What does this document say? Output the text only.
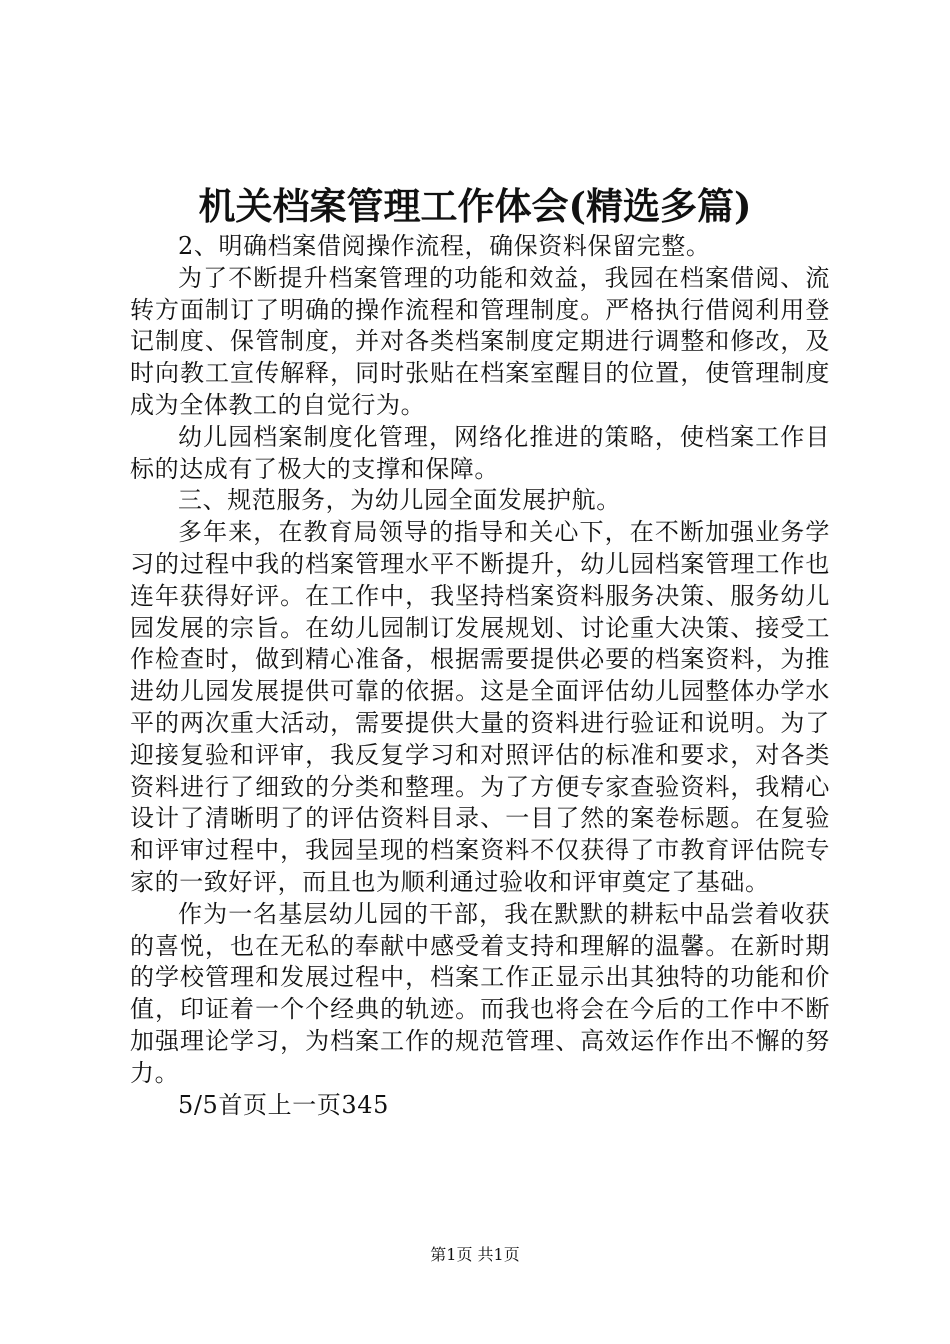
机关档案管理工作体会(精选多篇)

2、明确档案借阅操作流程，确保资料保留完整。

为了不断提升档案管理的功能和效益，我园在档案借阅、流转方面制订了明确的操作流程和管理制度。严格执行借阅利用登记制度、保管制度，并对各类档案制度定期进行调整和修改，及时向教工宣传解释，同时张贴在档案室醒目的位置，使管理制度成为全体教工的自觉行为。

幼儿园档案制度化管理，网络化推进的策略，使档案工作目标的达成有了极大的支撑和保障。

三、规范服务，为幼儿园全面发展护航。

多年来，在教育局领导的指导和关心下，在不断加强业务学习的过程中我的档案管理水平不断提升，幼儿园档案管理工作也连年获得好评。在工作中，我坚持档案资料服务决策、服务幼儿园发展的宗旨。在幼儿园制订发展规划、讨论重大决策、接受工作检查时，做到精心准备，根据需要提供必要的档案资料，为推进幼儿园发展提供可靠的依据。这是全面评估幼儿园整体办学水平的两次重大活动，需要提供大量的资料进行验证和说明。为了迎接复验和评审，我反复学习和对照评估的标准和要求，对各类资料进行了细致的分类和整理。为了方便专家查验资料，我精心设计了清晰明了的评估资料目录、一目了然的案卷标题。在复验和评审过程中，我园呈现的档案资料不仅获得了市教育评估院专家的一致好评，而且也为顺利通过验收和评审奠定了基础。

作为一名基层幼儿园的干部，我在默默的耕耘中品尝着收获的喜悦，也在无私的奉献中感受着支持和理解的温馨。在新时期的学校管理和发展过程中，档案工作正显示出其独特的功能和价值，印证着一个个经典的轨迹。而我也将会在今后的工作中不断加强理论学习，为档案工作的规范管理、高效运作作出不懈的努力。

5/5首页上一页345

第1页 共1页
